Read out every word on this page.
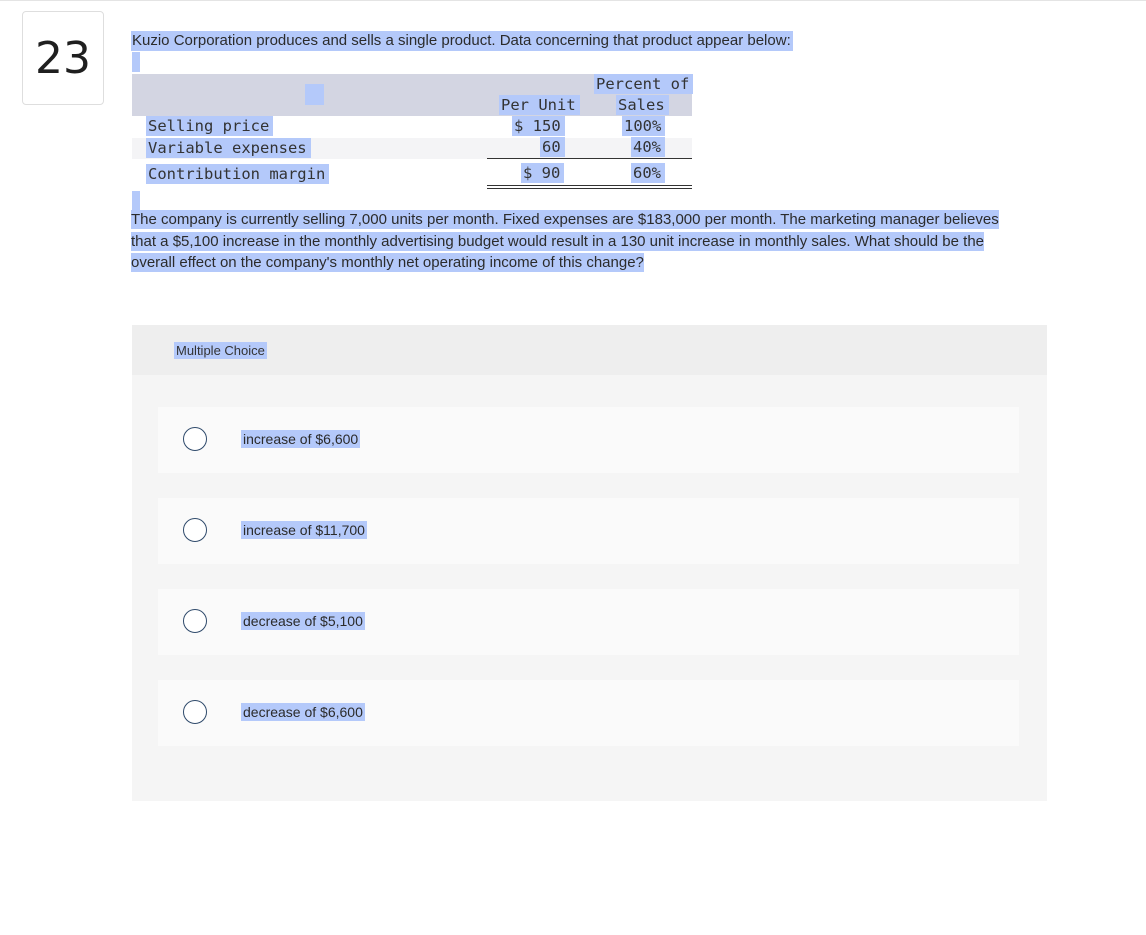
23	Kuzio Corporation produces and sells a single product. Data concerning that product appear below:
Percent of
Per Unit	Sales
Selling price	$ 150	100%
Variable expenses	60	40%
Contribution margin	$ 90	60%
The company is currently selling 7,000 units per month. Fixed expenses are $183,000 per month. The marketing manager believes
that a $5,100 increase in the monthly advertising budget would result in a 130 unit increase in monthly sales. What should be the
overall effect on the company's monthly net operating income of this change?
Multiple Choice
increase of $6,600
increase of $11,700
decrease of $5,100
decrease of $6,600
